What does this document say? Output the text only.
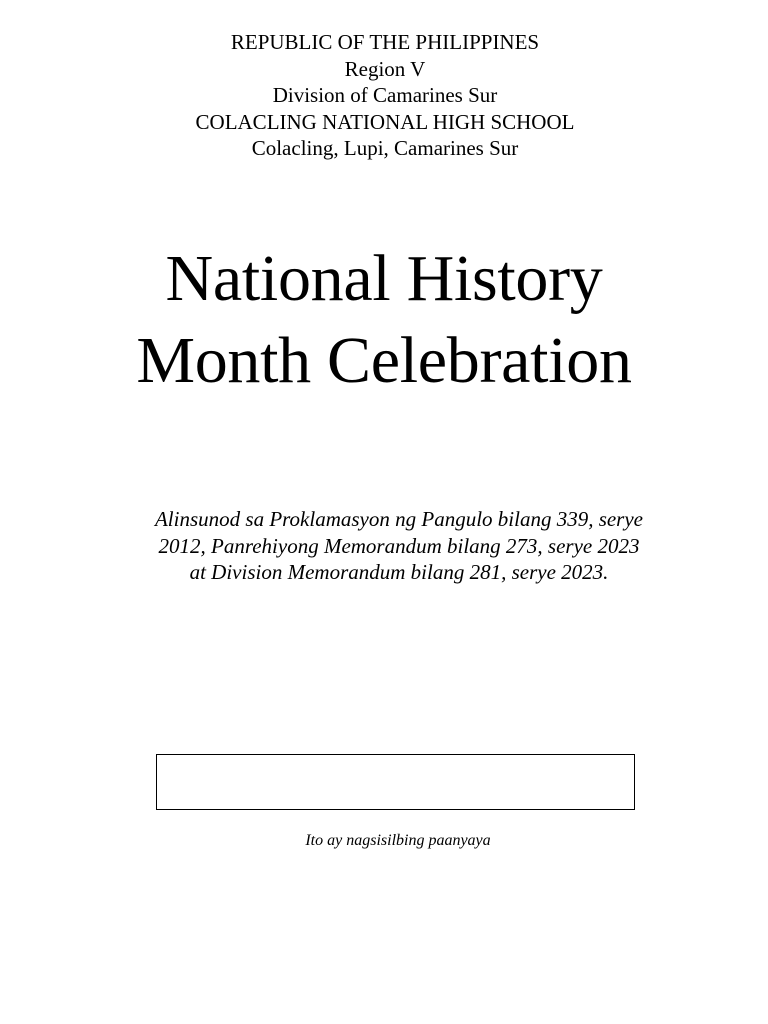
REPUBLIC OF THE PHILIPPINES
Region V
Division of Camarines Sur
COLACLING NATIONAL HIGH SCHOOL
Colacling, Lupi, Camarines Sur
National History
Month Celebration
Alinsunod sa Proklamasyon ng Pangulo bilang 339, serye
2012, Panrehiyong Memorandum bilang 273, serye 2023
at Division Memorandum bilang 281, serye 2023.
Ito ay nagsisilbing paanyaya
